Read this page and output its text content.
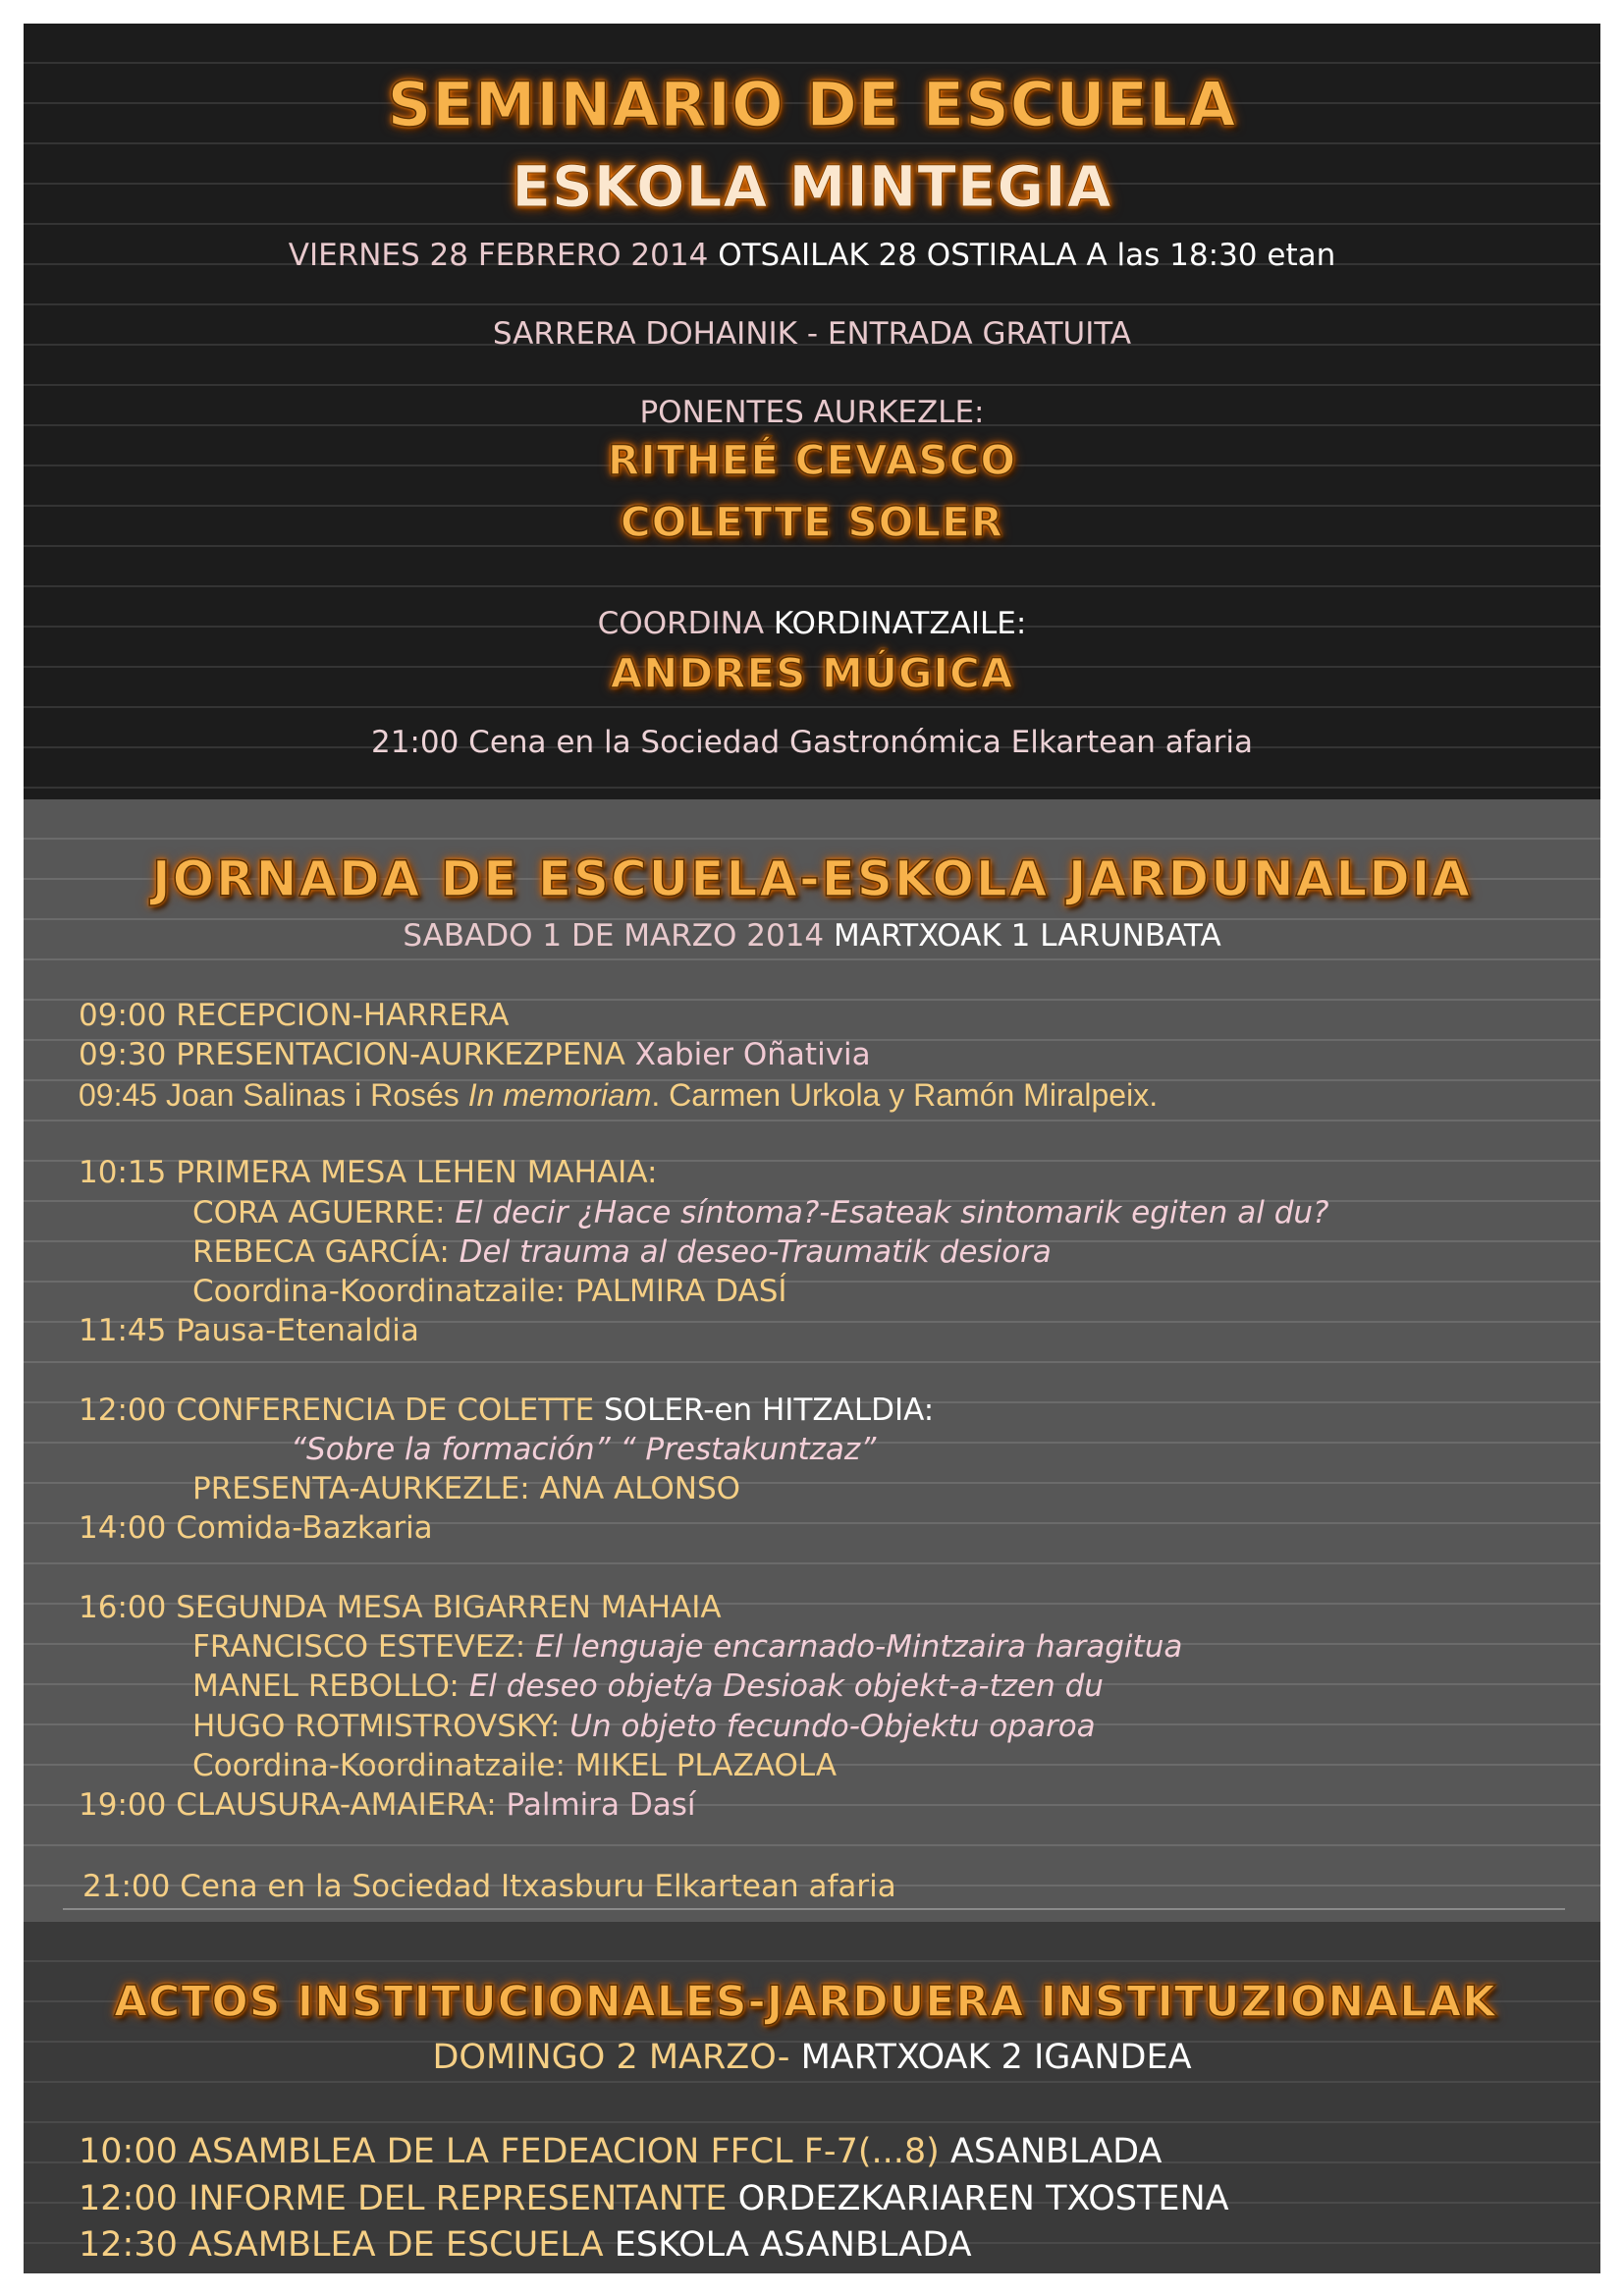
SEMINARIO DE ESCUELA
ESKOLA MINTEGIA
VIERNES 28 FEBRERO 2014 OTSAILAK 28 OSTIRALA A las 18:30 etan
SARRERA DOHAINIK - ENTRADA GRATUITA
PONENTES AURKEZLE:
RITHEÉ CEVASCO
COLETTE SOLER
COORDINA KORDINATZAILE:
ANDRES MÚGICA
21:00 Cena en la Sociedad Gastronómica Elkartean afaria
JORNADA DE ESCUELA-ESKOLA JARDUNALDIA
SABADO 1 DE MARZO 2014 MARTXOAK 1 LARUNBATA
09:00 RECEPCION-HARRERA
09:30 PRESENTACION-AURKEZPENA Xabier Oñativia
09:45 Joan Salinas i Rosés In memoriam. Carmen Urkola y Ramón Miralpeix.
10:15 PRIMERA MESA LEHEN MAHAIA:
CORA AGUERRE: El decir ¿Hace síntoma?-Esateak sintomarik egiten al du?
REBECA GARCÍA: Del trauma al deseo-Traumatik desiora
Coordina-Koordinatzaile: PALMIRA DASÍ
11:45 Pausa-Etenaldia
12:00 CONFERENCIA DE COLETTE SOLER-en HITZALDIA:
“Sobre la formación” “ Prestakuntzaz”
PRESENTA-AURKEZLE: ANA ALONSO
14:00 Comida-Bazkaria
16:00 SEGUNDA MESA BIGARREN MAHAIA
FRANCISCO ESTEVEZ: El lenguaje encarnado-Mintzaira haragitua
MANEL REBOLLO: El deseo objet/a Desioak objekt-a-tzen du
HUGO ROTMISTROVSKY: Un objeto fecundo-Objektu oparoa
Coordina-Koordinatzaile: MIKEL PLAZAOLA
19:00 CLAUSURA-AMAIERA: Palmira Dasí
21:00 Cena en la Sociedad Itxasburu Elkartean afaria
ACTOS INSTITUCIONALES-JARDUERA INSTITUZIONALAK
DOMINGO 2 MARZO- MARTXOAK 2 IGANDEA
10:00 ASAMBLEA DE LA FEDEACION FFCL F-7(...8) ASANBLADA
12:00 INFORME DEL REPRESENTANTE ORDEZKARIAREN TXOSTENA
12:30 ASAMBLEA DE ESCUELA ESKOLA ASANBLADA
